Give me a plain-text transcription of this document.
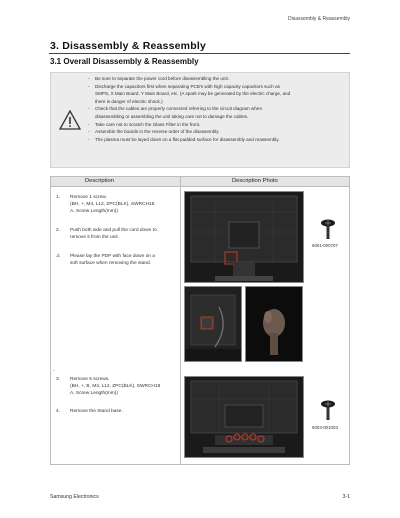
Disassembly & Reassembly
3. Disassembly & Reassembly
3.1 Overall Disassembly & Reassembly
- Be sure to separate the power cord before disassembling the unit.
- Discharge the capacitors first when separating PCB's with high capacity capacitors such as
SMPS, X Main Board, Y Main Board, etc. (A spark may be generated by the electric charge, and
there is danger of electric shock.)
- Check that the cables are properly connected referring to the circuit diagram when
disassembling or assembling the unit taking care not to damage the cables.
- Take care not to scratch the Glass Filter in the front.
- Assemble the boards in the reverse order of the disassembly.
- The plasma must be layed down on a flat padded surface for disassembly and reassembly.
Description	Description Photo
1. Remove 1 screw.
(BH, +, M4, L12, ZPC(BLK), SWRCH18
A, Screw Length(mm))
2. Push both side and pull the cord down to
remove it from the unit.
⚠ Please lay the PDP with face down on a
soft surface when removing the stand.
-
3. Remove 5 screws.
(BH, +, B, M4, L12, ZPC(BLK), SWRCH18
A, Screw Length(mm))
4. Remove the Stand base.
6001-000707
6003-001003
Samsung Electronics	3-1
